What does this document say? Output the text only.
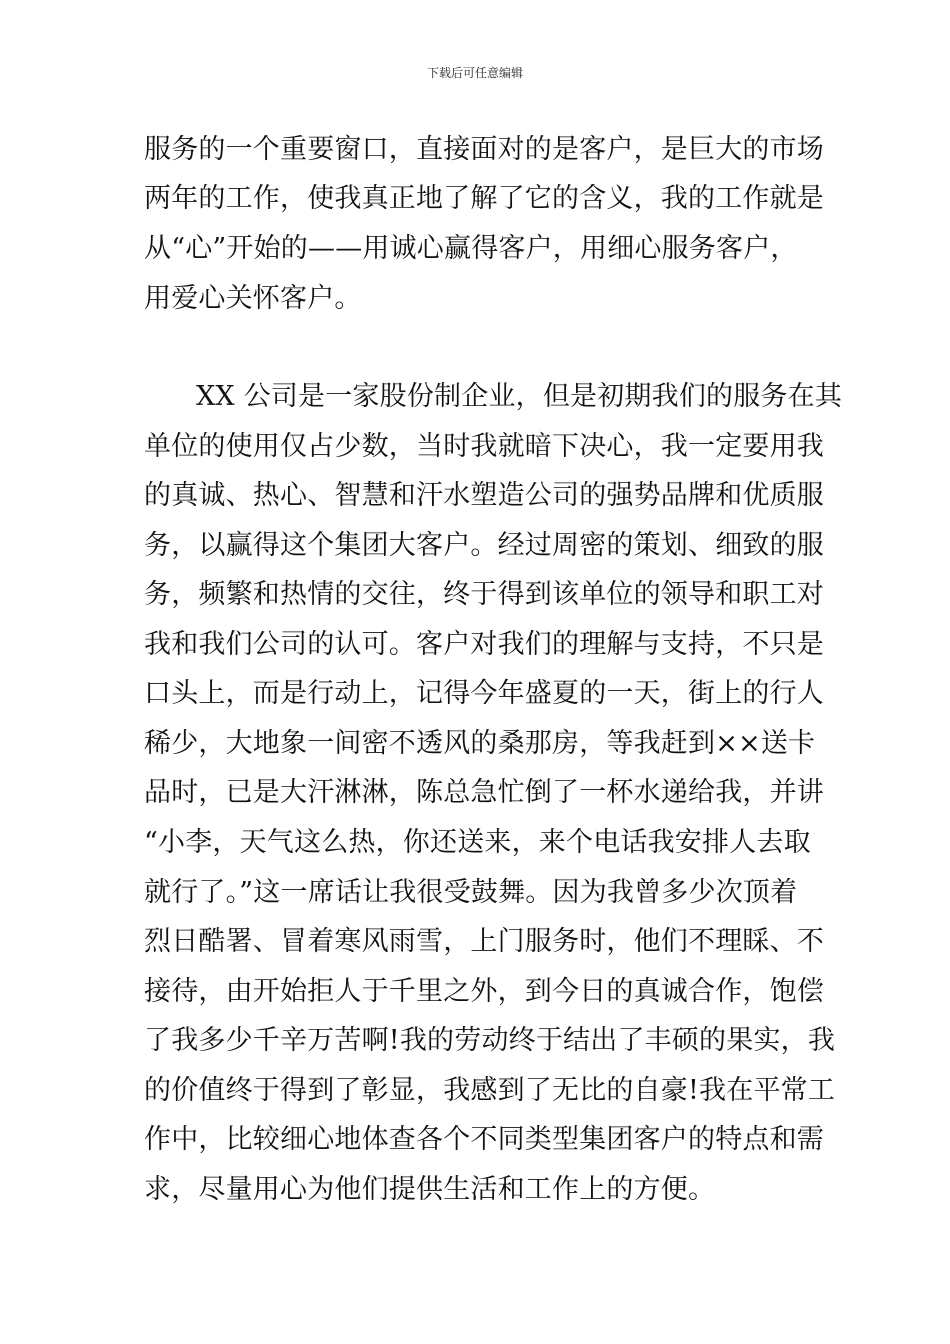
下载后可任意编辑
服务的一个重要窗口，直接面对的是客户，是巨大的市场
两年的工作，使我真正地了解了它的含义，我的工作就是
从“心”开始的——用诚心赢得客户，用细心服务客户，
用爱心关怀客户。
XX 公司是一家股份制企业，但是初期我们的服务在其
单位的使用仅占少数，当时我就暗下决心，我一定要用我
的真诚、热心、智慧和汗水塑造公司的强势品牌和优质服
务，以赢得这个集团大客户。经过周密的策划、细致的服
务，频繁和热情的交往，终于得到该单位的领导和职工对
我和我们公司的认可。客户对我们的理解与支持，不只是
口头上，而是行动上，记得今年盛夏的一天，街上的行人
稀少，大地象一间密不透风的桑那房，等我赶到××送卡
品时，已是大汗淋淋，陈总急忙倒了一杯水递给我，并讲
“小李，天气这么热，你还送来，来个电话我安排人去取
就行了。”这一席话让我很受鼓舞。因为我曾多少次顶着
烈日酷署、冒着寒风雨雪，上门服务时，他们不理睬、不
接待，由开始拒人于千里之外，到今日的真诚合作，饱偿
了我多少千辛万苦啊!我的劳动终于结出了丰硕的果实，我
的价值终于得到了彰显，我感到了无比的自豪!我在平常工
作中，比较细心地体查各个不同类型集团客户的特点和需
求，尽量用心为他们提供生活和工作上的方便。
